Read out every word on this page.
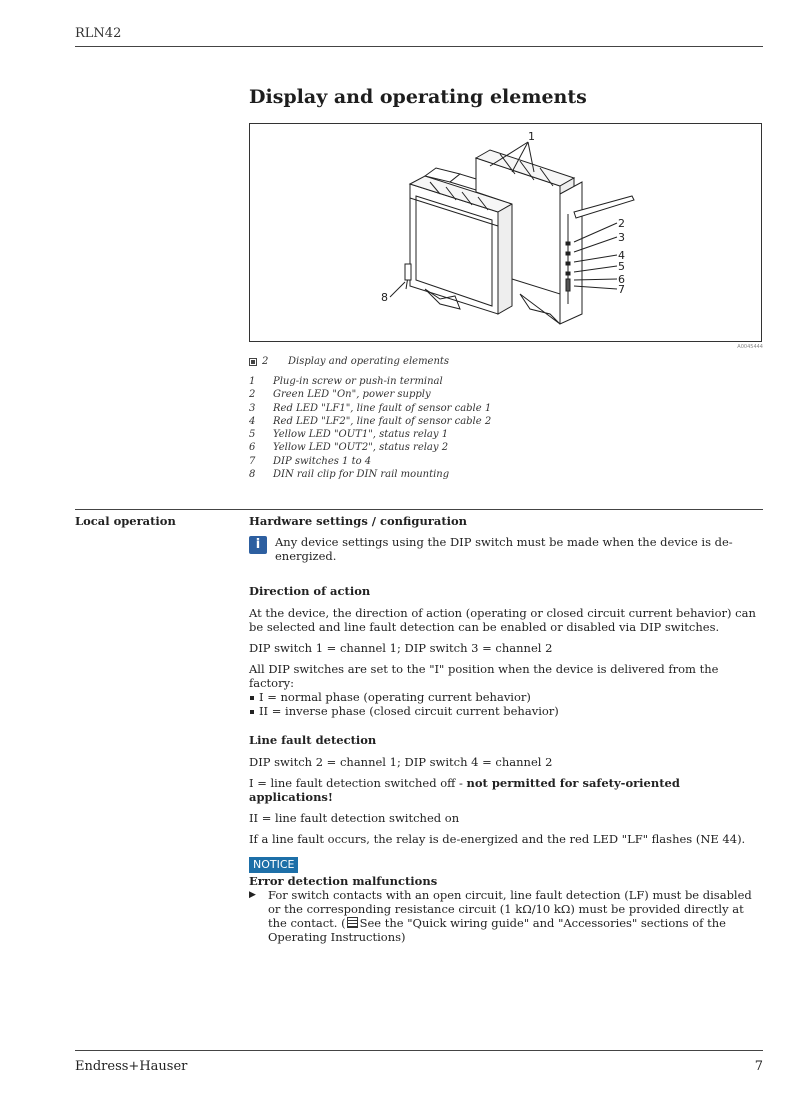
RLN42
Display and operating elements
1
2
3
4
5
6
7
8
A0045444
2	Display and operating elements
1	Plug-in screw or push-in terminal
2	Green LED "On", power supply
3	Red LED "LF1", line fault of sensor cable 1
4	Red LED "LF2", line fault of sensor cable 2
5	Yellow LED "OUT1", status relay 1
6	Yellow LED "OUT2", status relay 2
7	DIP switches 1 to 4
8	DIN rail clip for DIN rail mounting
Local operation	Hardware settings / configuration

i	Any device settings using the DIP switch must be made when the device is de-energized.

Direction of action

At the device, the direction of action (operating or closed circuit current behavior) can be selected and line fault detection can be enabled or disabled via DIP switches.

DIP switch 1 = channel 1; DIP switch 3 = channel 2

All DIP switches are set to the "I" position when the device is delivered from the factory:

I = normal phase (operating current behavior)
II = inverse phase (closed circuit current behavior)

Line fault detection

DIP switch 2 = channel 1; DIP switch 4 = channel 2

I = line fault detection switched off - not permitted for safety-oriented applications!

II = line fault detection switched on

If a line fault occurs, the relay is de-energized and the red LED "LF" flashes (NE 44).

NOTICE

Error detection malfunctions

▶	For switch contacts with an open circuit, line fault detection (LF) must be disabled or the corresponding resistance circuit (1 kΩ/10 kΩ) must be provided directly at the contact. ( See the "Quick wiring guide" and "Accessories" sections of the Operating Instructions)
Endress+Hauser	7
